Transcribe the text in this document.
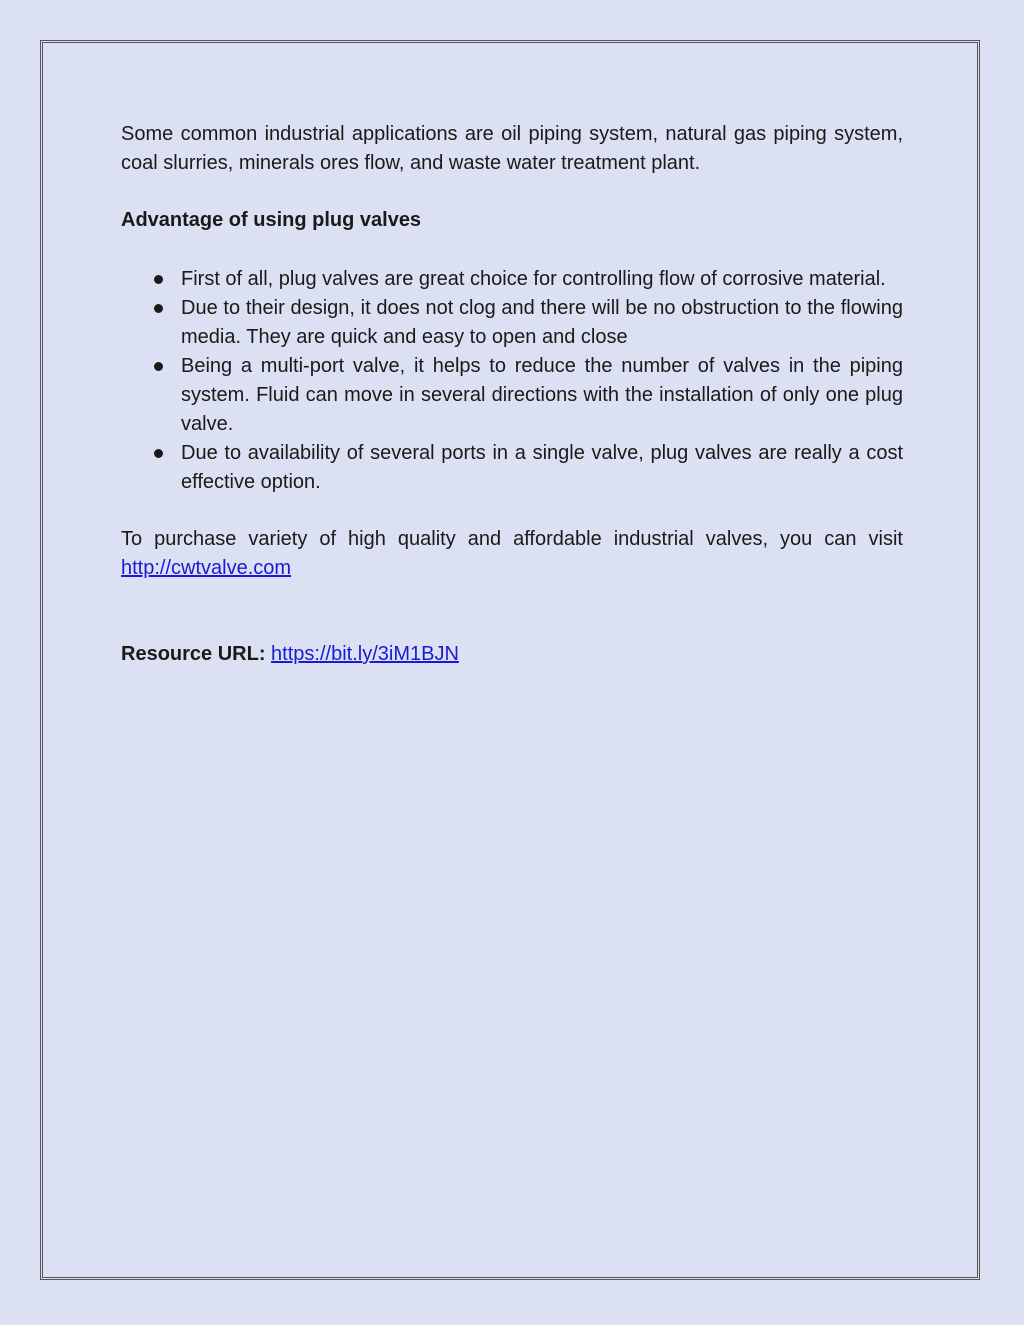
Some common industrial applications are oil piping system, natural gas piping system, coal slurries, minerals ores flow, and waste water treatment plant.

Advantage of using plug valves

First of all, plug valves are great choice for controlling flow of corrosive material.
Due to their design, it does not clog and there will be no obstruction to the flowing media. They are quick and easy to open and close
Being a multi-port valve, it helps to reduce the number of valves in the piping system. Fluid can move in several directions with the installation of only one plug valve.
Due to availability of several ports in a single valve, plug valves are really a cost effective option.

To purchase variety of high quality and affordable industrial valves, you can visit http://cwtvalve.com

Resource URL: https://bit.ly/3iM1BJN
